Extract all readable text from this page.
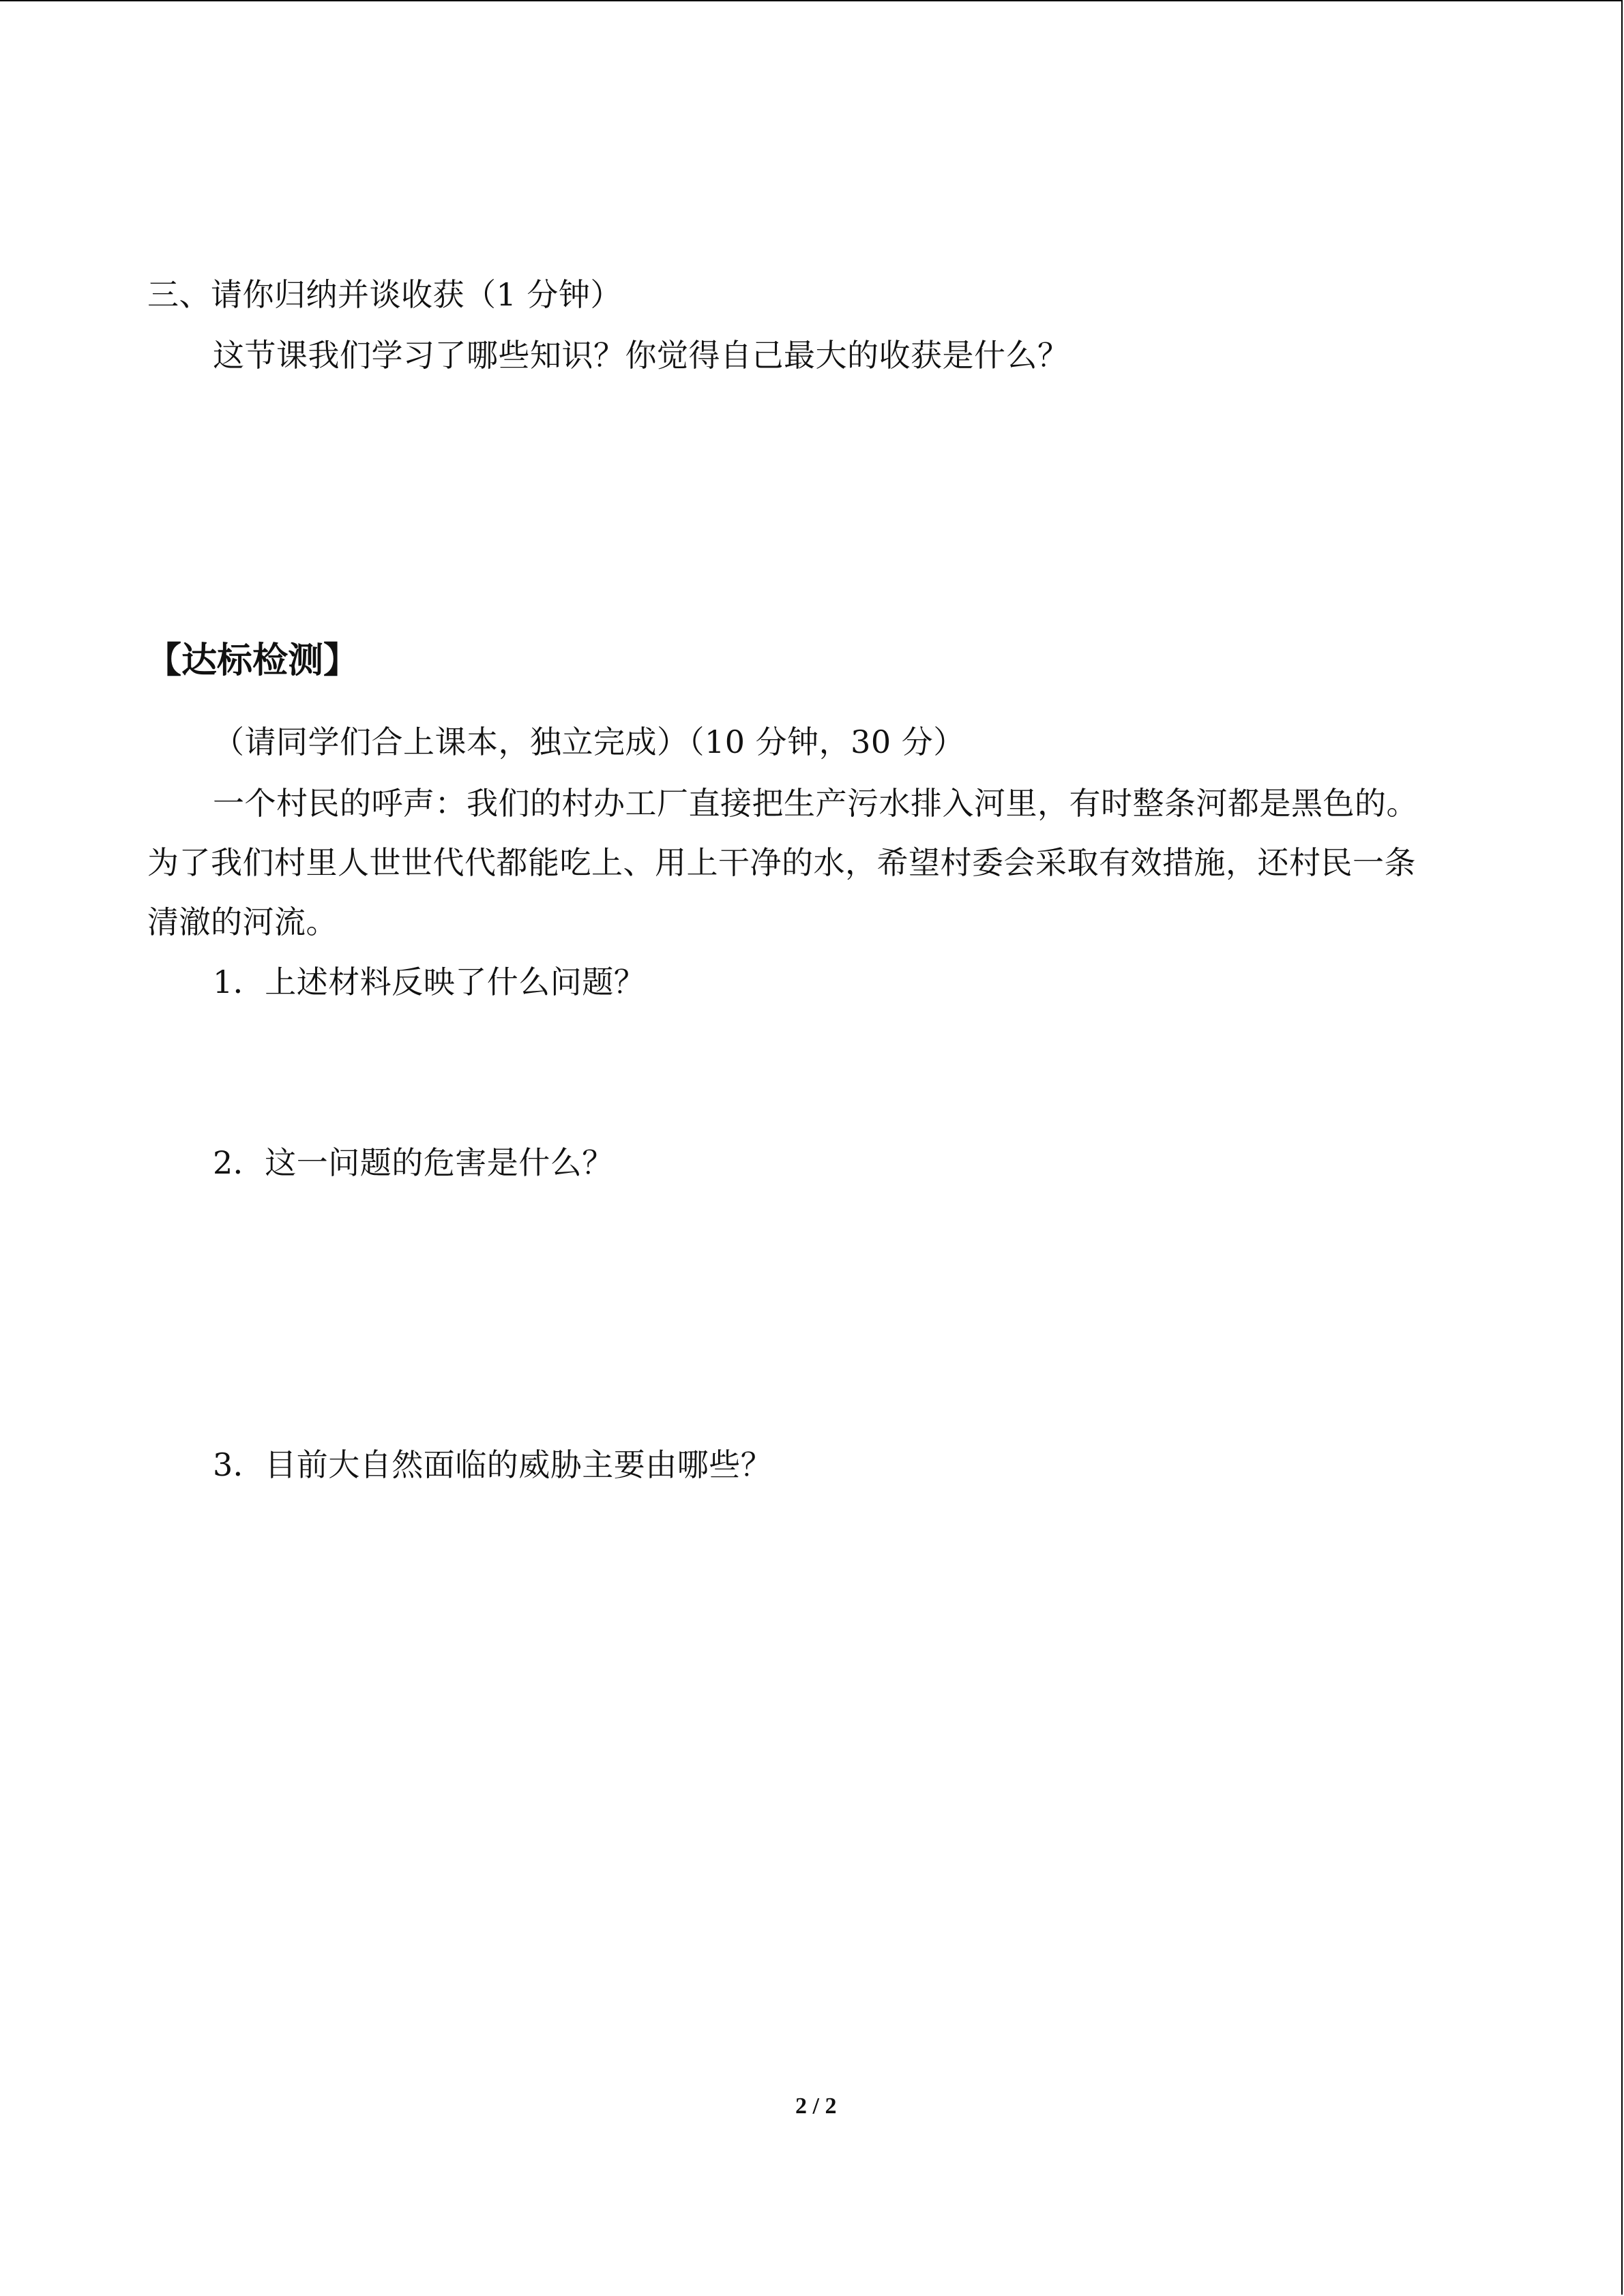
三、请你归纳并谈收获（1 分钟）
这节课我们学习了哪些知识？你觉得自己最大的收获是什么？
【达标检测】
（请同学们合上课本，独立完成）（10 分钟，30 分）
一个村民的呼声：我们的村办工厂直接把生产污水排入河里，有时整条河都是黑色的。
为了我们村里人世世代代都能吃上、用上干净的水，希望村委会采取有效措施，还村民一条
清澈的河流。
1．上述材料反映了什么问题？
2．这一问题的危害是什么？
3．目前大自然面临的威胁主要由哪些？
2 / 2
